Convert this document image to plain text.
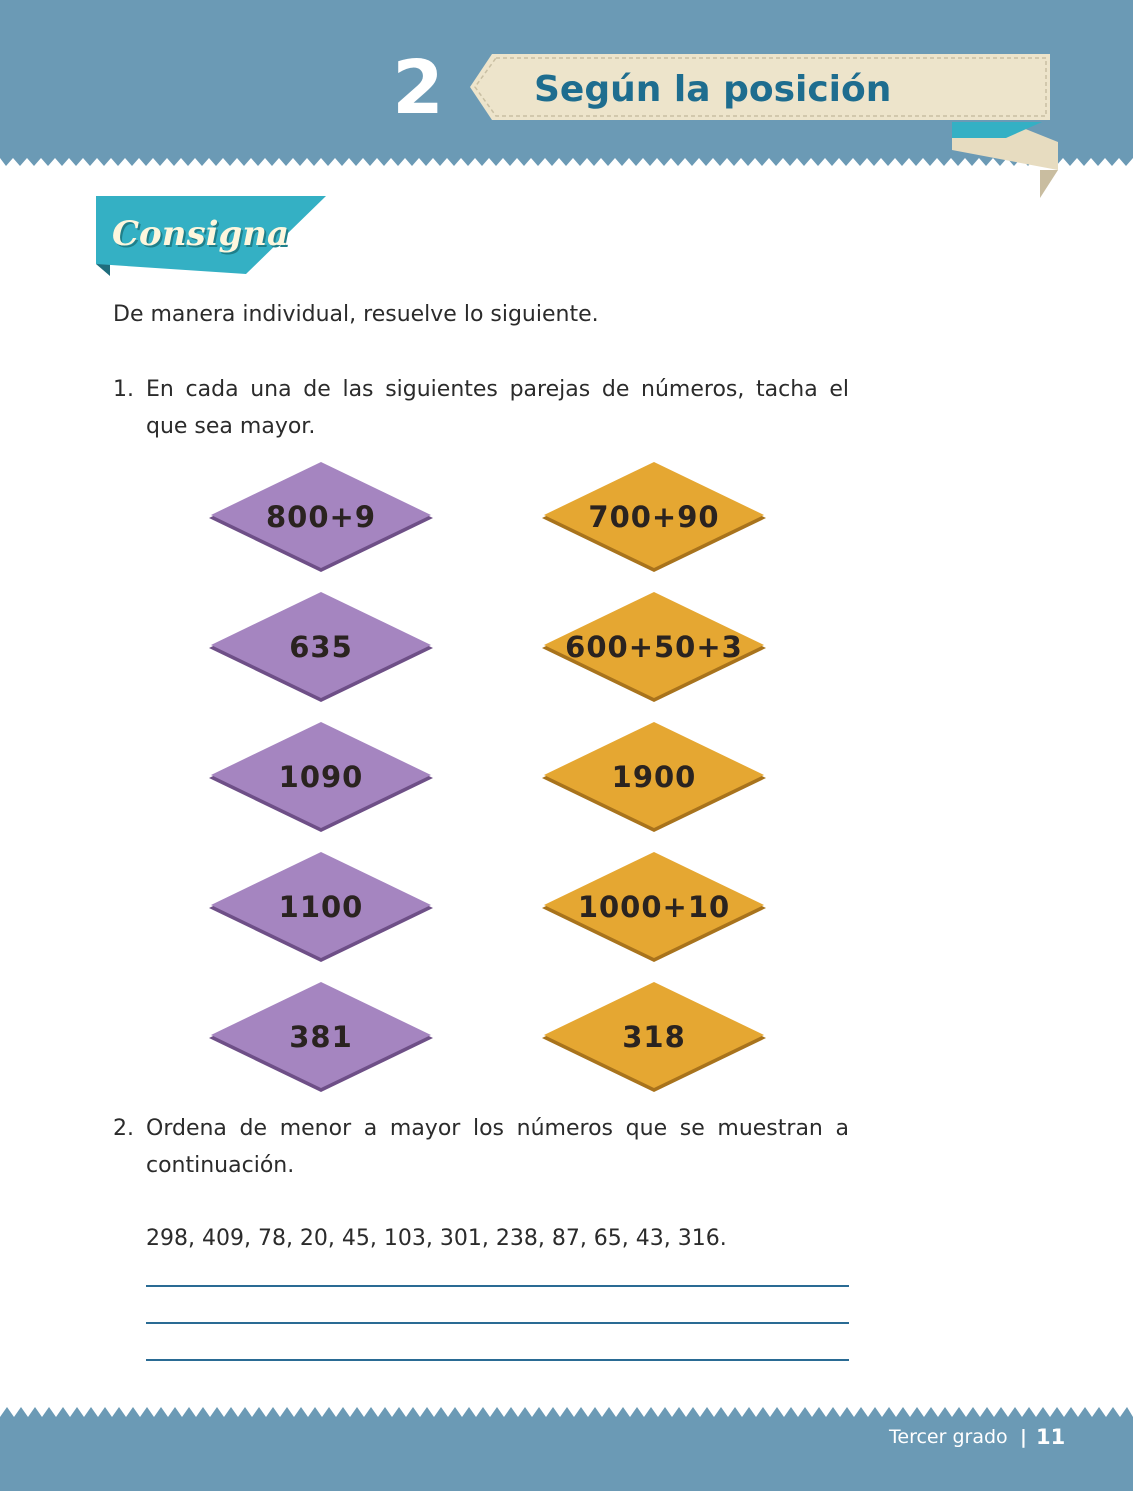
2	Según la posición
Consigna
De manera individual, resuelve lo siguiente.
1. En cada una de las siguientes parejas de números, tacha el que sea mayor.
800+9
635
1090
1100
381
700+90
600+50+3
1900
1000+10
318
2. Ordena de menor a mayor los números que se muestran a continuación.
298, 409, 78, 20, 45, 103, 301, 238, 87, 65, 43, 316.
Tercer grado | 11
